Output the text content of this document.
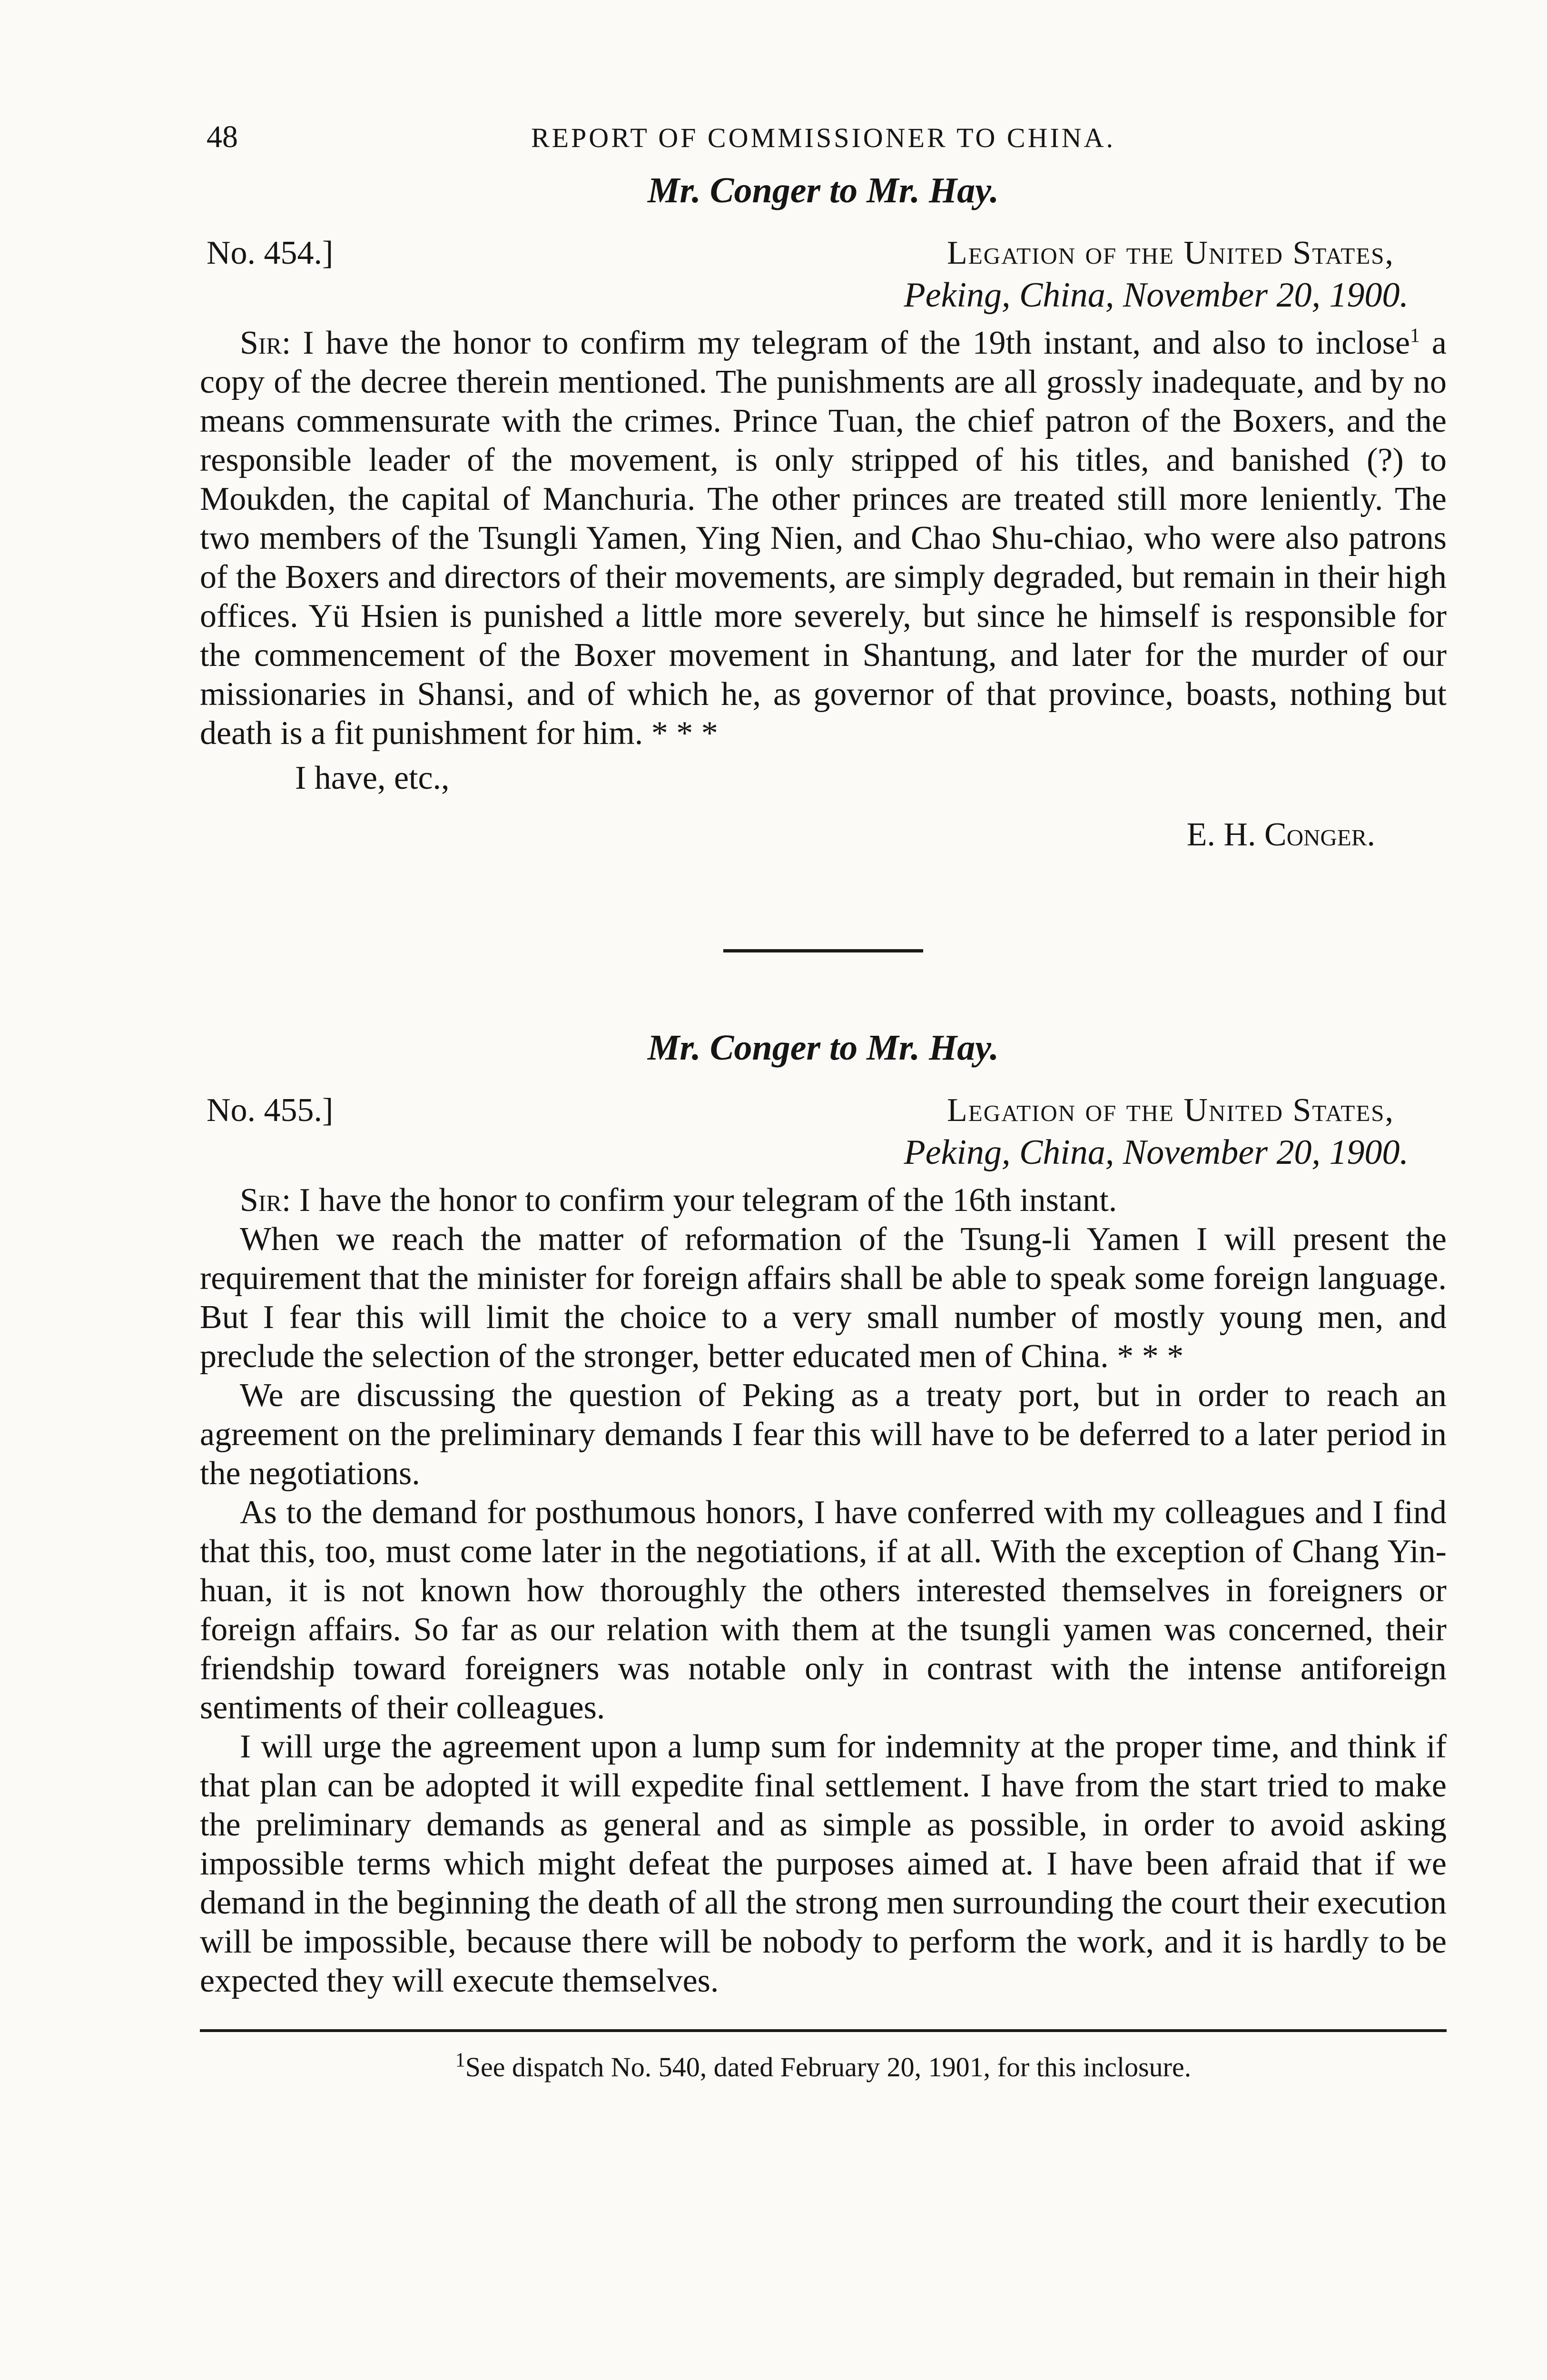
48	REPORT OF COMMISSIONER TO CHINA.
Mr. Conger to Mr. Hay.
No. 454.]	Legation of the United States,
Peking, China, November 20, 1900.

Sir: I have the honor to confirm my telegram of the 19th instant, and also to inclose$^1$ a copy of the decree therein mentioned. The punishments are all grossly inadequate, and by no means commensurate with the crimes. Prince Tuan, the chief patron of the Boxers, and the responsible leader of the movement, is only stripped of his titles, and banished (?) to Moukden, the capital of Manchuria. The other princes are treated still more leniently. The two members of the Tsungli Yamen, Ying Nien, and Chao Shu-chiao, who were also patrons of the Boxers and directors of their movements, are simply degraded, but remain in their high offices. Yü Hsien is punished a little more severely, but since he himself is responsible for the commencement of the Boxer movement in Shantung, and later for the murder of our missionaries in Shansi, and of which he, as governor of that province, boasts, nothing but death is a fit punishment for him. * * *

I have, etc.,
E. H. Conger.
Mr. Conger to Mr. Hay.
No. 455.]	Legation of the United States,
Peking, China, November 20, 1900.

Sir: I have the honor to confirm your telegram of the 16th instant.

When we reach the matter of reformation of the Tsung-li Yamen I will present the requirement that the minister for foreign affairs shall be able to speak some foreign language. But I fear this will limit the choice to a very small number of mostly young men, and preclude the selection of the stronger, better educated men of China. * * *

We are discussing the question of Peking as a treaty port, but in order to reach an agreement on the preliminary demands I fear this will have to be deferred to a later period in the negotiations.

As to the demand for posthumous honors, I have conferred with my colleagues and I find that this, too, must come later in the negotiations, if at all. With the exception of Chang Yin-huan, it is not known how thoroughly the others interested themselves in foreigners or foreign affairs. So far as our relation with them at the tsungli yamen was concerned, their friendship toward foreigners was notable only in contrast with the intense antiforeign sentiments of their colleagues.

I will urge the agreement upon a lump sum for indemnity at the proper time, and think if that plan can be adopted it will expedite final settlement. I have from the start tried to make the preliminary demands as general and as simple as possible, in order to avoid asking impossible terms which might defeat the purposes aimed at. I have been afraid that if we demand in the beginning the death of all the strong men surrounding the court their execution will be impossible, because there will be nobody to perform the work, and it is hardly to be expected they will execute themselves.

$^1$See dispatch No. 540, dated February 20, 1901, for this inclosure.
